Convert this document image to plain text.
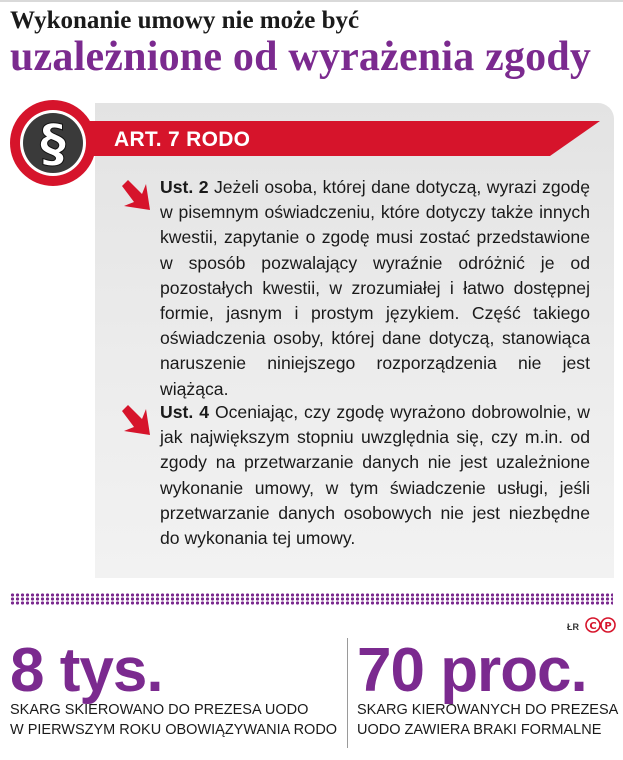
Wykonanie umowy nie może być
uzależnione od wyrażenia zgody
ART. 7 RODO
§
Ust. 2 Jeżeli osoba, której dane dotyczą, wyrazi zgodę w pisemnym oświadczeniu, które dotyczy także innych kwestii, zapytanie o zgodę musi zostać przedstawione w sposób pozwalający wyraźnie odróżnić je od pozostałych kwestii, w zrozumiałej i łatwo dostępnej formie, jasnym i prostym językiem. Część takiego oświadczenia osoby, której dane dotyczą, stanowiąca naruszenie niniejszego rozporządzenia nie jest wiążąca.
Ust. 4 Oceniając, czy zgodę wyrażono dobrowolnie, w jak największym stopniu uwzględnia się, czy m.in. od zgody na przetwarzanie danych nie jest uzależnione wykonanie umowy, w tym świadczenie usługi, jeśli przetwarzanie danych osobowych nie jest niezbędne do wykonania tej umowy.
ŁR C P
8 tys.
SKARG SKIEROWANO DO PREZESA UODO
W PIERWSZYM ROKU OBOWIĄZYWANIA RODO
70 proc.
SKARG KIEROWANYCH DO PREZESA
UODO ZAWIERA BRAKI FORMALNE
